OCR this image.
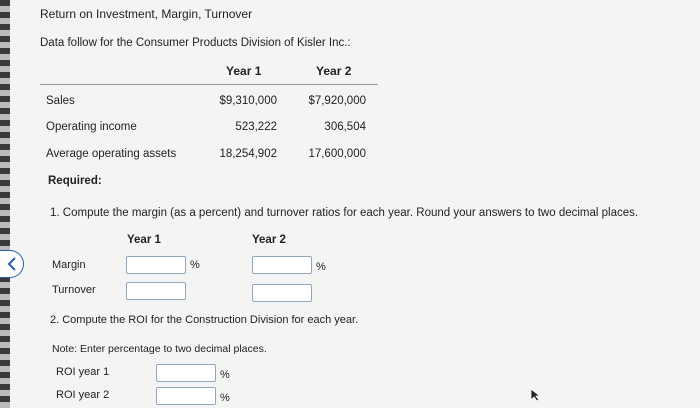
Return on Investment, Margin, Turnover
Data follow for the Consumer Products Division of Kisler Inc.:
Year 1	Year 2
Sales	$9,310,000	$7,920,000
Operating income	523,222	306,504
Average operating assets	18,254,902	17,600,000
Required:
1. Compute the margin (as a percent) and turnover ratios for each year. Round your answers to two decimal places.
Year 1	Year 2
Margin	%	%
Turnover
2. Compute the ROI for the Construction Division for each year.
Note: Enter percentage to two decimal places.
ROI year 1	%
ROI year 2	%
